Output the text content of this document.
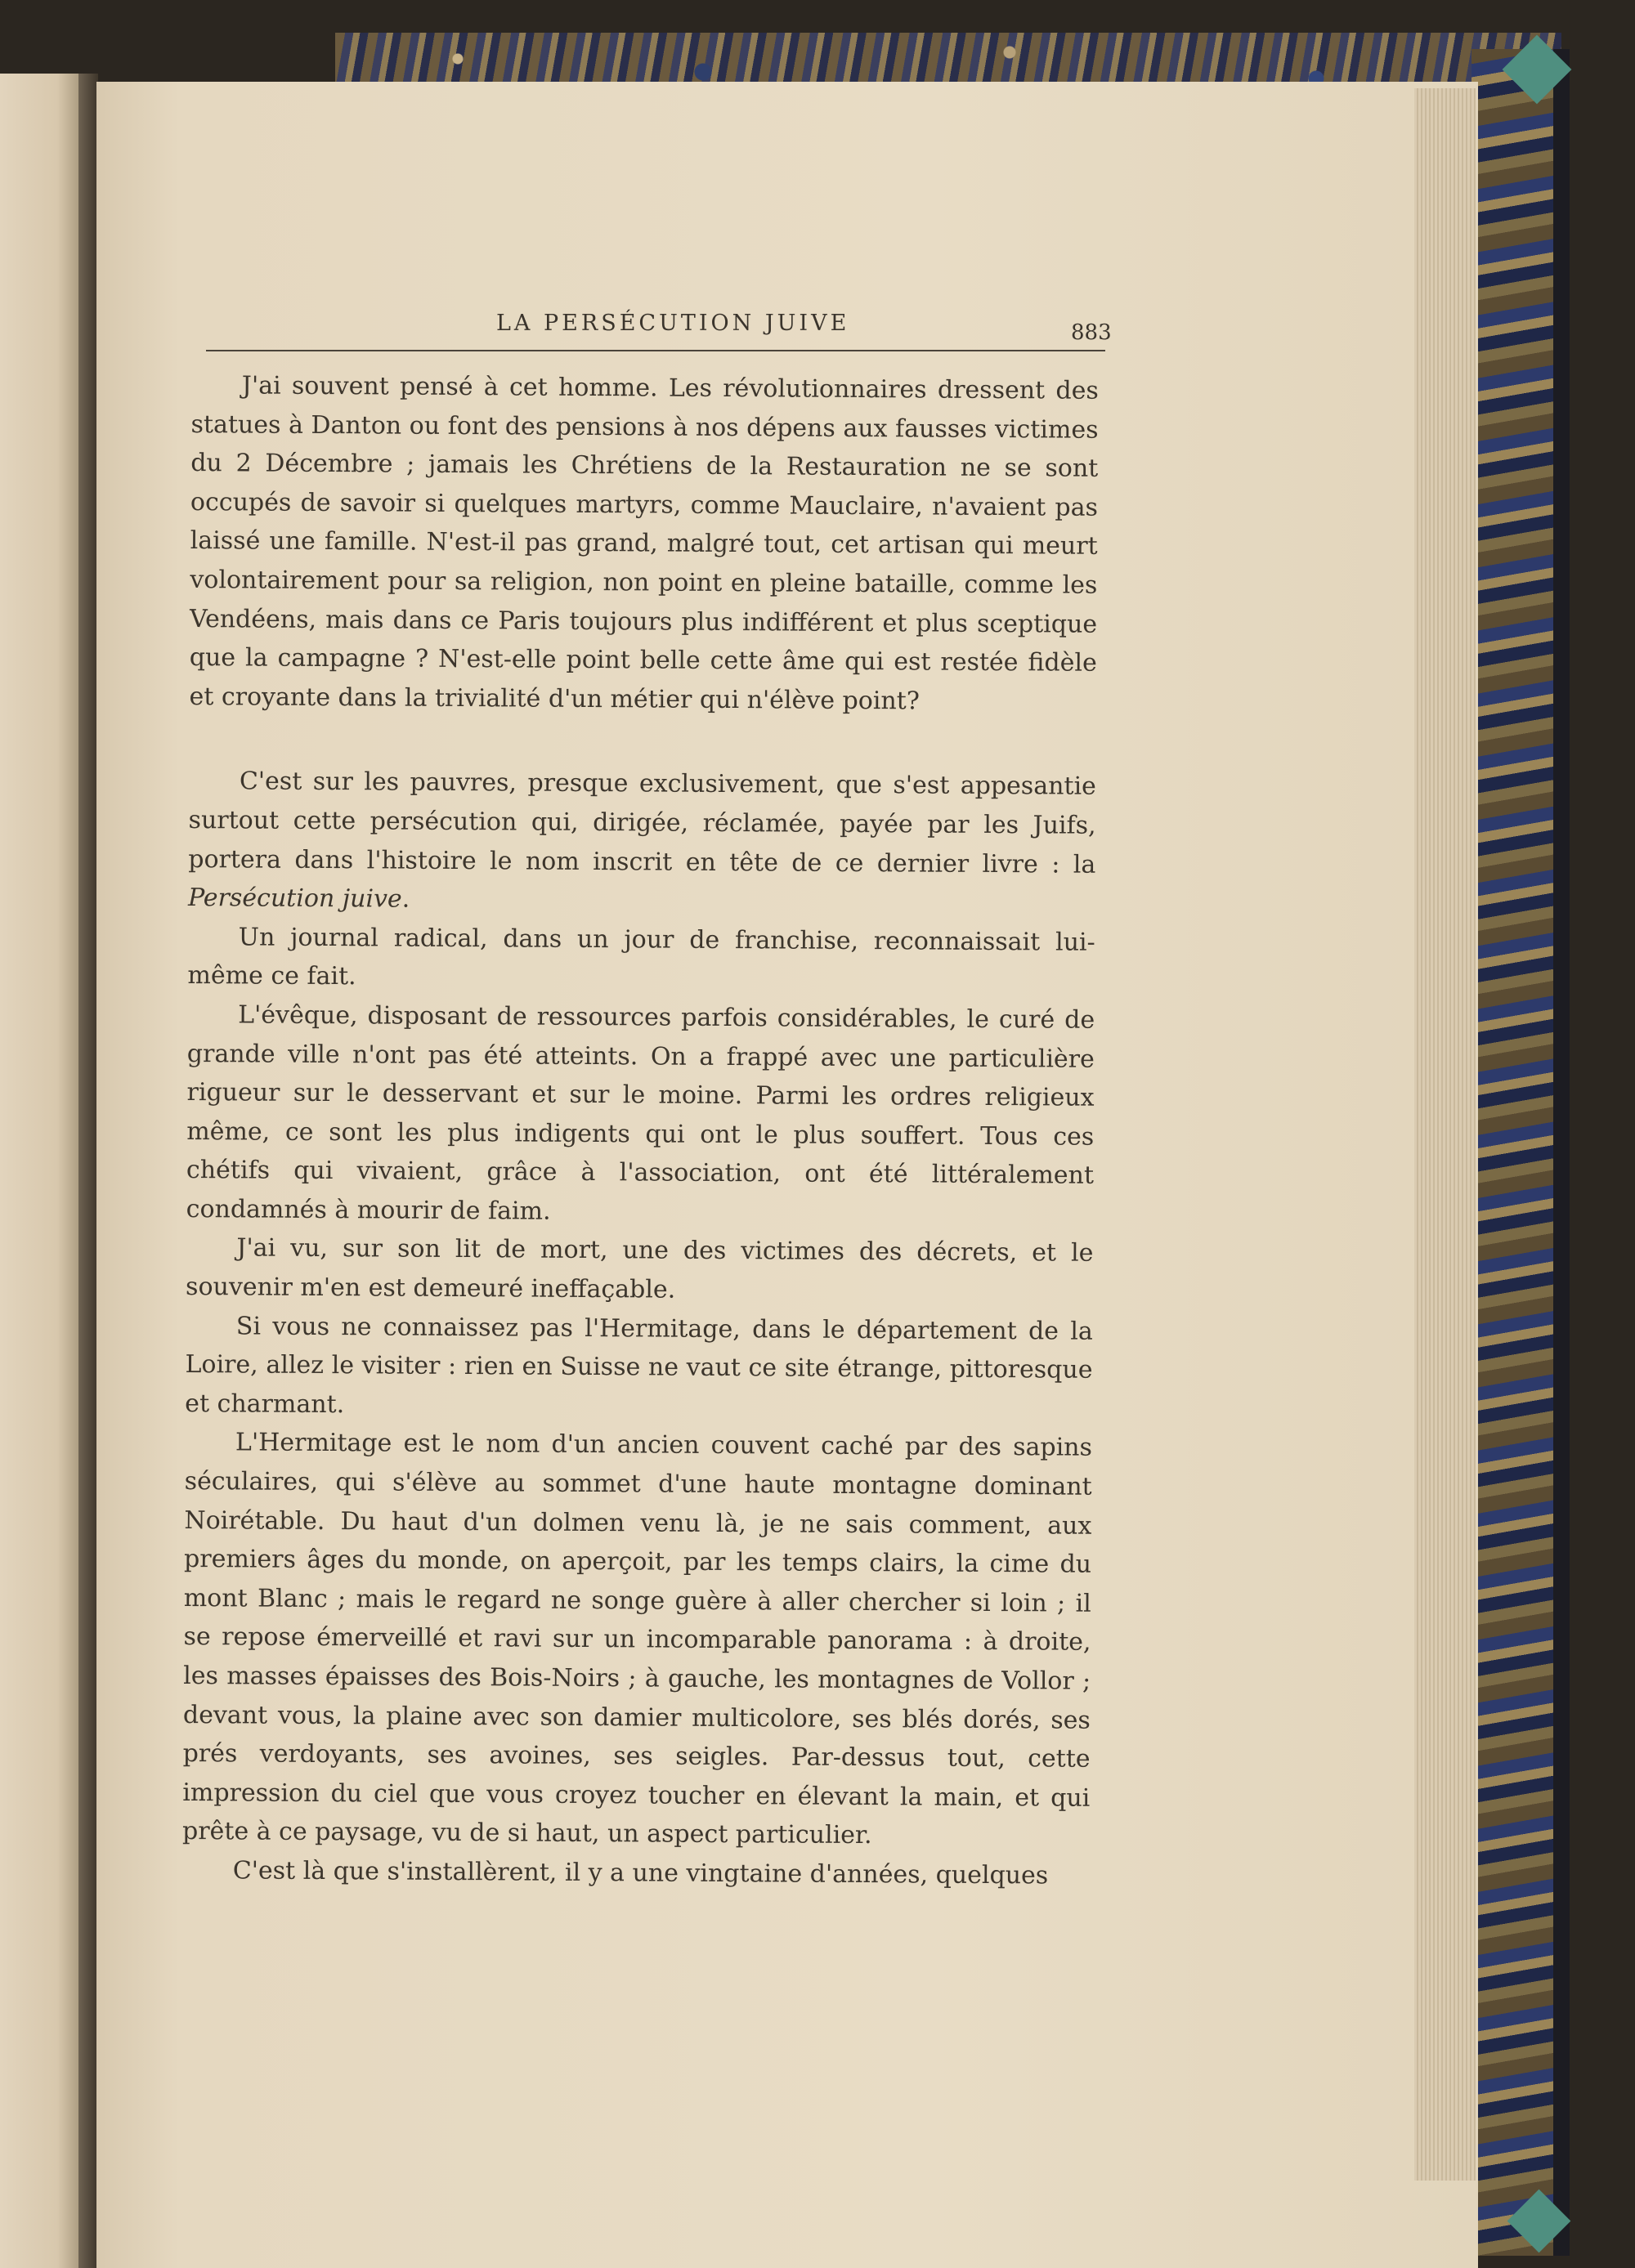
LA PERSÉCUTION JUIVE	883

J'ai souvent pensé à cet homme. Les révolutionnaires dressent des statues à Danton ou font des pensions à nos dépens aux fausses victimes du 2 Décembre ; jamais les Chrétiens de la Restauration ne se sont occupés de savoir si quelques martyrs, comme Mauclaire, n'avaient pas laissé une famille. N'est-il pas grand, malgré tout, cet artisan qui meurt volontairement pour sa religion, non point en pleine bataille, comme les Vendéens, mais dans ce Paris toujours plus indifférent et plus sceptique que la campagne ? N'est-elle point belle cette âme qui est restée fidèle et croyante dans la trivialité d'un métier qui n'élève point?

C'est sur les pauvres, presque exclusivement, que s'est appesantie surtout cette persécution qui, dirigée, réclamée, payée par les Juifs, portera dans l'histoire le nom inscrit en tête de ce dernier livre : la Persécution juive.

Un journal radical, dans un jour de franchise, reconnaissait lui-même ce fait.

L'évêque, disposant de ressources parfois considérables, le curé de grande ville n'ont pas été atteints. On a frappé avec une particulière rigueur sur le desservant et sur le moine. Parmi les ordres religieux même, ce sont les plus indigents qui ont le plus souffert. Tous ces chétifs qui vivaient, grâce à l'association, ont été littéralement condamnés à mourir de faim.

J'ai vu, sur son lit de mort, une des victimes des décrets, et le souvenir m'en est demeuré ineffaçable.

Si vous ne connaissez pas l'Hermitage, dans le département de la Loire, allez le visiter : rien en Suisse ne vaut ce site étrange, pittoresque et charmant.

L'Hermitage est le nom d'un ancien couvent caché par des sapins séculaires, qui s'élève au sommet d'une haute montagne dominant Noirétable. Du haut d'un dolmen venu là, je ne sais comment, aux premiers âges du monde, on aperçoit, par les temps clairs, la cime du mont Blanc ; mais le regard ne songe guère à aller chercher si loin ; il se repose émerveillé et ravi sur un incomparable panorama : à droite, les masses épaisses des Bois-Noirs ; à gauche, les montagnes de Vollor ; devant vous, la plaine avec son damier multicolore, ses blés dorés, ses prés verdoyants, ses avoines, ses seigles. Par-dessus tout, cette impression du ciel que vous croyez toucher en élevant la main, et qui prête à ce paysage, vu de si haut, un aspect particulier.

C'est là que s'installèrent, il y a une vingtaine d'années, quelques
